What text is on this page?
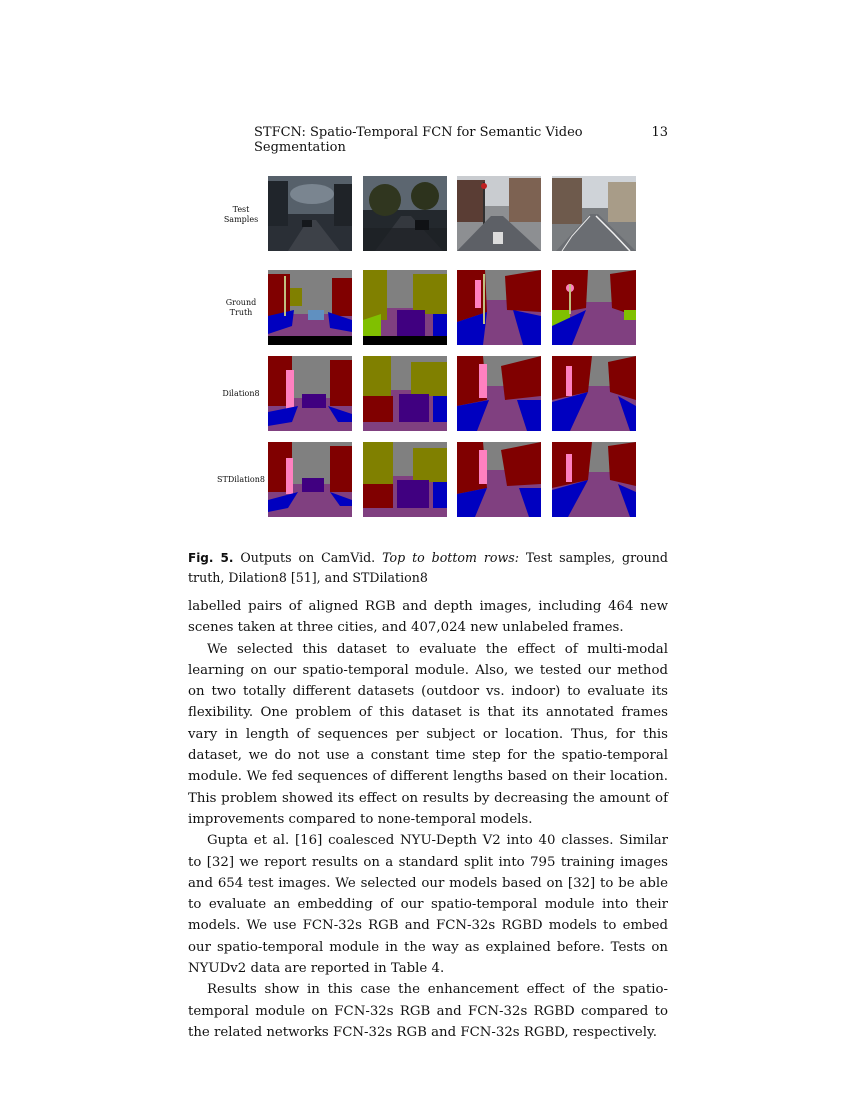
STFCN: Spatio-Temporal FCN for Semantic Video Segmentation
13
Test
Samples
Ground
Truth
Dilation8
STDilation8
Fig. 5. Outputs on CamVid. Top to bottom rows: Test samples, ground truth, Dilation8 [51], and STDilation8

labelled pairs of aligned RGB and depth images, including 464 new scenes taken at three cities, and 407,024 new unlabeled frames.

We selected this dataset to evaluate the effect of multi-modal learning on our spatio-temporal module. Also, we tested our method on two totally different datasets (outdoor vs. indoor) to evaluate its flexibility. One problem of this dataset is that its annotated frames vary in length of sequences per subject or location. Thus, for this dataset, we do not use a constant time step for the spatio-temporal module. We fed sequences of different lengths based on their location. This problem showed its effect on results by decreasing the amount of improvements compared to none-temporal models.

Gupta et al. [16] coalesced NYU-Depth V2 into 40 classes. Similar to [32] we report results on a standard split into 795 training images and 654 test images. We selected our models based on [32] to be able to evaluate an embedding of our spatio-temporal module into their models. We use FCN-32s RGB and FCN-32s RGBD models to embed our spatio-temporal module in the way as explained before. Tests on NYUDv2 data are reported in Table 4.

Results show in this case the enhancement effect of the spatio-temporal module on FCN-32s RGB and FCN-32s RGBD compared to the related networks FCN-32s RGB and FCN-32s RGBD, respectively.
